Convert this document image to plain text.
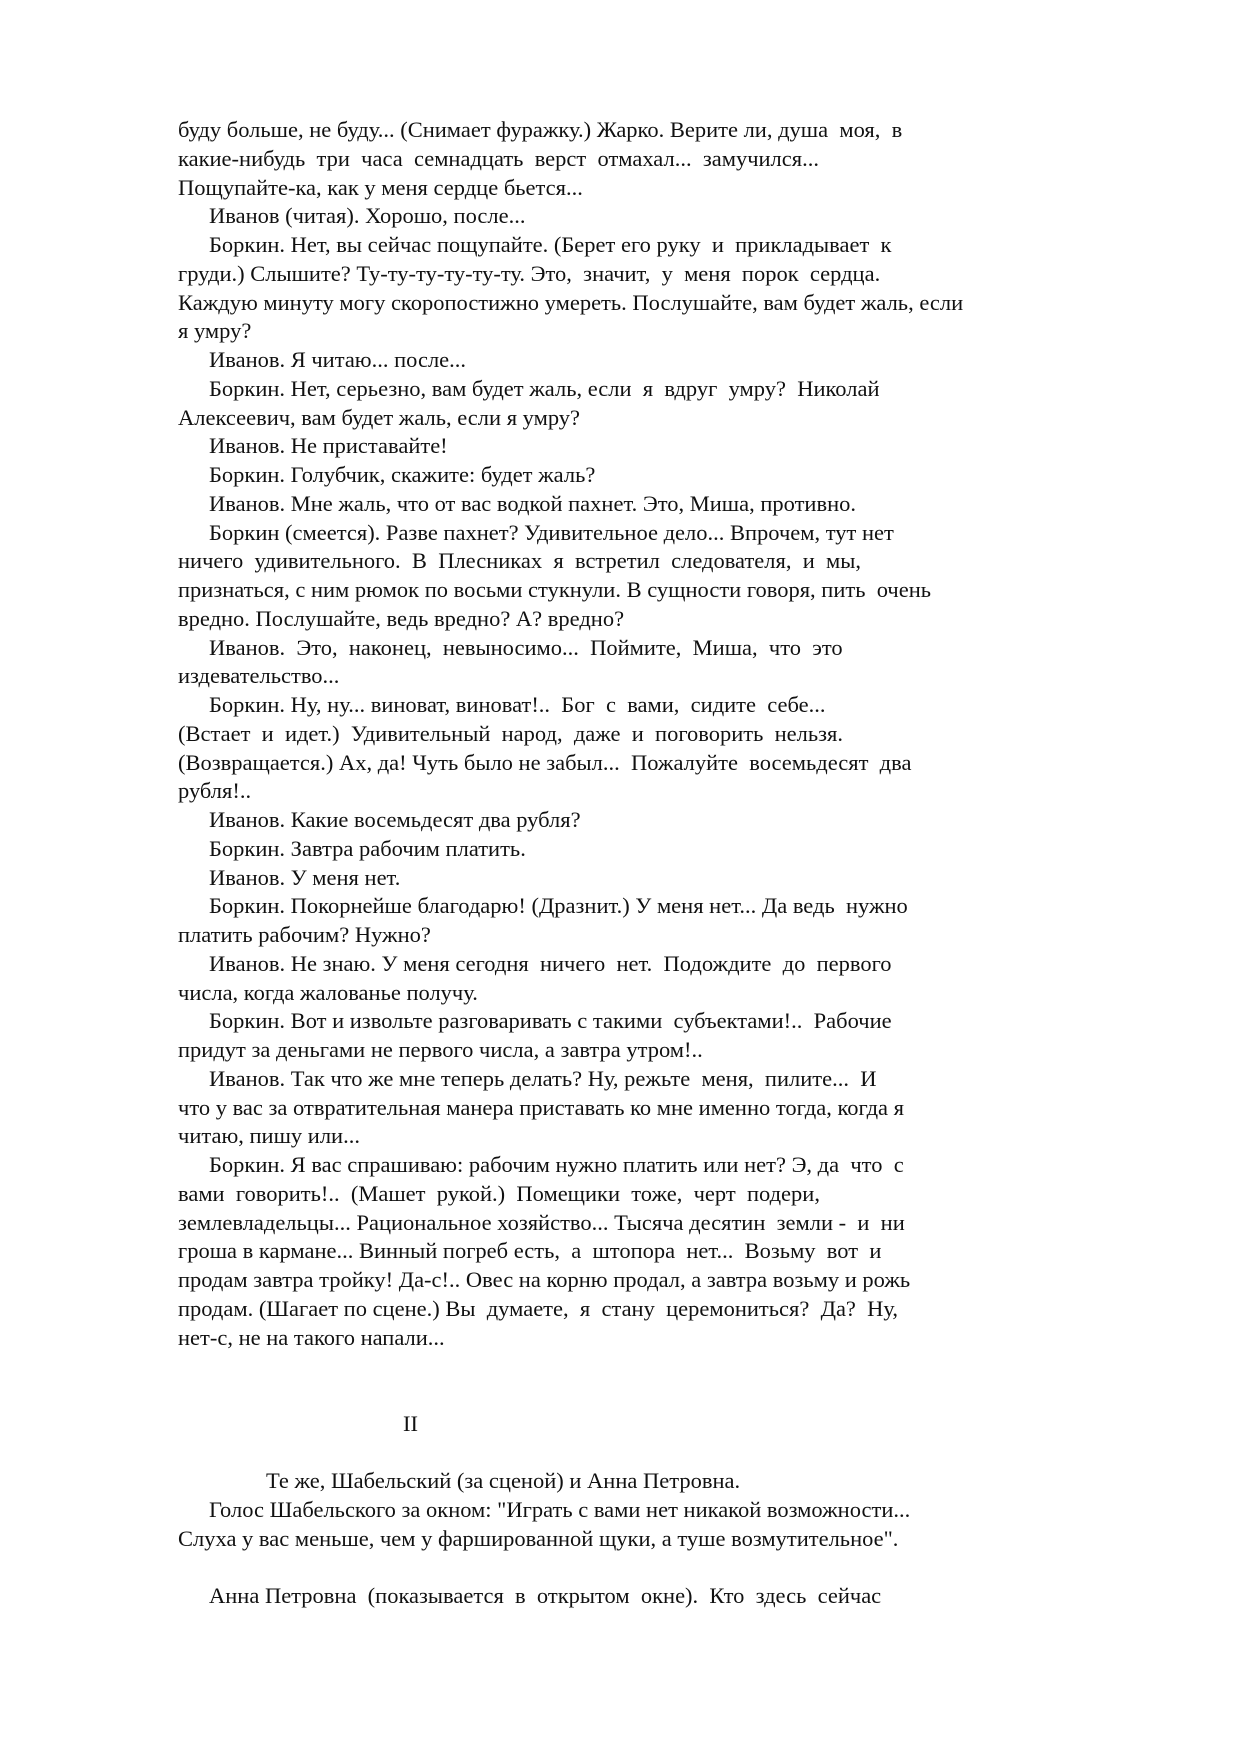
буду больше, не буду... (Снимает фуражку.) Жарко. Верите ли, душа  моя,  в
какие-нибудь  три  часа  семнадцать  верст  отмахал...  замучился...
Пощупайте-ка, как у меня сердце бьется...
Иванов (читая). Хорошо, после...
Боркин. Нет, вы сейчас пощупайте. (Берет его руку  и  прикладывает  к
груди.) Слышите? Ту-ту-ту-ту-ту-ту. Это,  значит,  у  меня  порок  сердца.
Каждую минуту могу скоропостижно умереть. Послушайте, вам будет жаль, если
я умру?
Иванов. Я читаю... после...
Боркин. Нет, серьезно, вам будет жаль, если  я  вдруг  умру?  Николай
Алексеевич, вам будет жаль, если я умру?
Иванов. Не приставайте!
Боркин. Голубчик, скажите: будет жаль?
Иванов. Мне жаль, что от вас водкой пахнет. Это, Миша, противно.
Боркин (смеется). Разве пахнет? Удивительное дело... Впрочем, тут нет
ничего  удивительного.  В  Плесниках  я  встретил  следователя,  и  мы,
признаться, с ним рюмок по восьми стукнули. В сущности говоря, пить  очень
вредно. Послушайте, ведь вредно? А? вредно?
Иванов.  Это,  наконец,  невыносимо...  Поймите,  Миша,  что  это
издевательство...
Боркин. Ну, ну... виноват, виноват!..  Бог  с  вами,  сидите  себе...
(Встает  и  идет.)  Удивительный  народ,  даже  и  поговорить  нельзя.
(Возвращается.) Ах, да! Чуть было не забыл...  Пожалуйте  восемьдесят  два
рубля!..
Иванов. Какие восемьдесят два рубля?
Боркин. Завтра рабочим платить.
Иванов. У меня нет.
Боркин. Покорнейше благодарю! (Дразнит.) У меня нет... Да ведь  нужно
платить рабочим? Нужно?
Иванов. Не знаю. У меня сегодня  ничего  нет.  Подождите  до  первого
числа, когда жалованье получу.
Боркин. Вот и извольте разговаривать с такими  субъектами!..  Рабочие
придут за деньгами не первого числа, а завтра утром!..
Иванов. Так что же мне теперь делать? Ну, режьте  меня,  пилите...  И
что у вас за отвратительная манера приставать ко мне именно тогда, когда я
читаю, пишу или...
Боркин. Я вас спрашиваю: рабочим нужно платить или нет? Э, да  что  с
вами  говорить!..  (Машет  рукой.)  Помещики  тоже,  черт  подери,
землевладельцы... Рациональное хозяйство... Тысяча десятин  земли -  и  ни
гроша в кармане... Винный погреб есть,  а  штопора  нет...  Возьму  вот  и
продам завтра тройку! Да-с!.. Овес на корню продал, а завтра возьму и рожь
продам. (Шагает по сцене.) Вы  думаете,  я  стану  церемониться?  Да?  Ну,
нет-с, не на такого напали...
II
Те же, Шабельский (за сценой) и Анна Петровна.
Голос Шабельского за окном: "Играть с вами нет никакой возможности...
Слуха у вас меньше, чем у фаршированной щуки, а туше возмутительное".
Анна Петровна  (показывается  в  открытом  окне).  Кто  здесь  сейчас
